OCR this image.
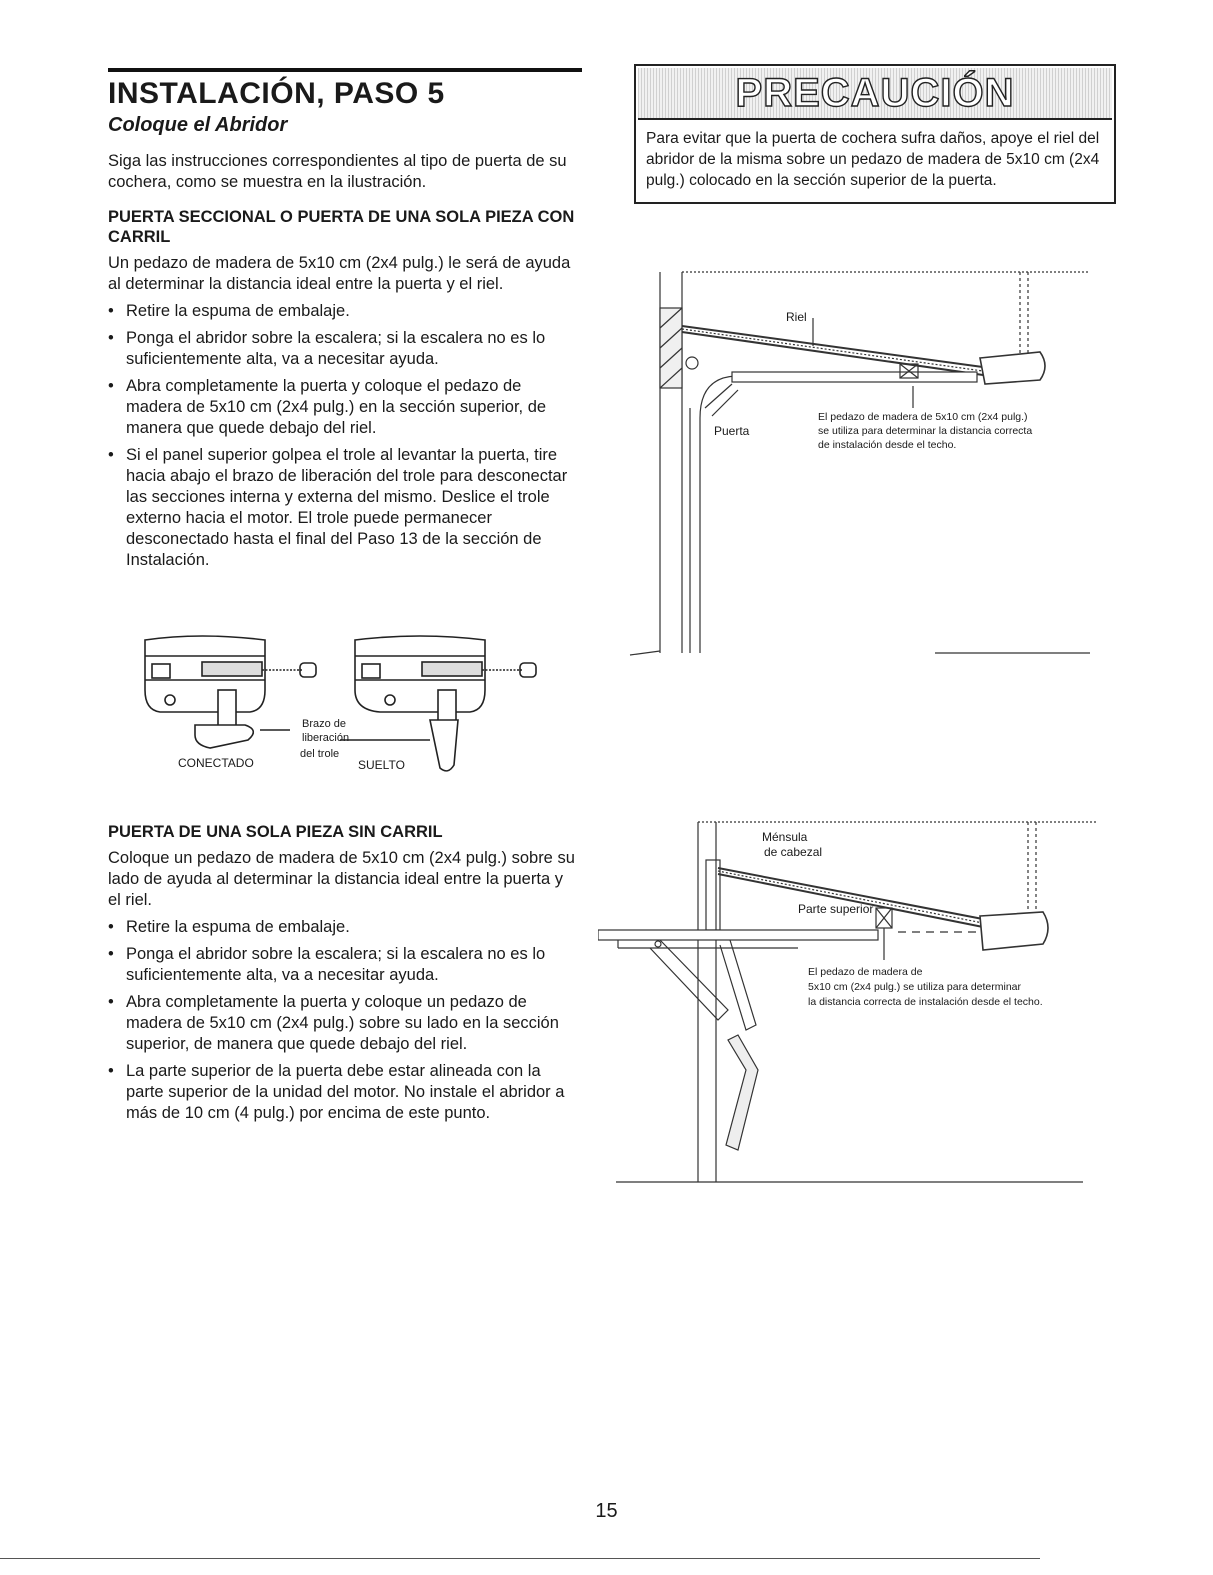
INSTALACIÓN, PASO 5
Coloque el Abridor

Siga las instrucciones correspondientes al tipo de puerta de su cochera, como se muestra en la ilustración.

PUERTA SECCIONAL O PUERTA DE UNA SOLA PIEZA CON CARRIL

Un pedazo de madera de 5x10 cm (2x4 pulg.) le será de ayuda al determinar la distancia ideal entre la puerta y el riel.

• Retire la espuma de embalaje.
• Ponga el abridor sobre la escalera; si la escalera no es lo suficientemente alta, va a necesitar ayuda.
• Abra completamente la puerta y coloque el pedazo de madera de 5x10 cm (2x4 pulg.) en la sección superior, de manera que quede debajo del riel.
• Si el panel superior golpea el trole al levantar la puerta, tire hacia abajo el brazo de liberación del trole para desconectar las secciones interna y externa del mismo. Deslice el trole externo hacia el motor. El trole puede permanecer desconectado hasta el final del Paso 13 de la sección de Instalación.
CONECTADO
Brazo de
liberación
del trole
SUELTO
PRECAUCIÓN
Para evitar que la puerta de cochera sufra daños, apoye el riel del abridor de la misma sobre un pedazo de madera de 5x10 cm (2x4 pulg.) colocado en la sección superior de la puerta.
Riel
Puerta
El pedazo de madera de 5x10 cm (2x4 pulg.)
se utiliza para determinar la distancia correcta
de instalación desde el techo.
PUERTA DE UNA SOLA PIEZA SIN CARRIL

Coloque un pedazo de madera de 5x10 cm (2x4 pulg.) sobre su lado de ayuda al determinar la distancia ideal entre la puerta y el riel.

• Retire la espuma de embalaje.
• Ponga el abridor sobre la escalera; si la escalera no es lo suficientemente alta, va a necesitar ayuda.
• Abra completamente la puerta y coloque un pedazo de madera de 5x10 cm (2x4 pulg.) sobre su lado en la sección superior, de manera que quede debajo del riel.
• La parte superior de la puerta debe estar alineada con la parte superior de la unidad del motor. No instale el abridor a más de 10 cm (4 pulg.) por encima de este punto.
Ménsula
de cabezal
Parte superior
El pedazo de madera de
5x10 cm (2x4 pulg.) se utiliza para determinar
la distancia correcta de instalación desde el techo.
15
